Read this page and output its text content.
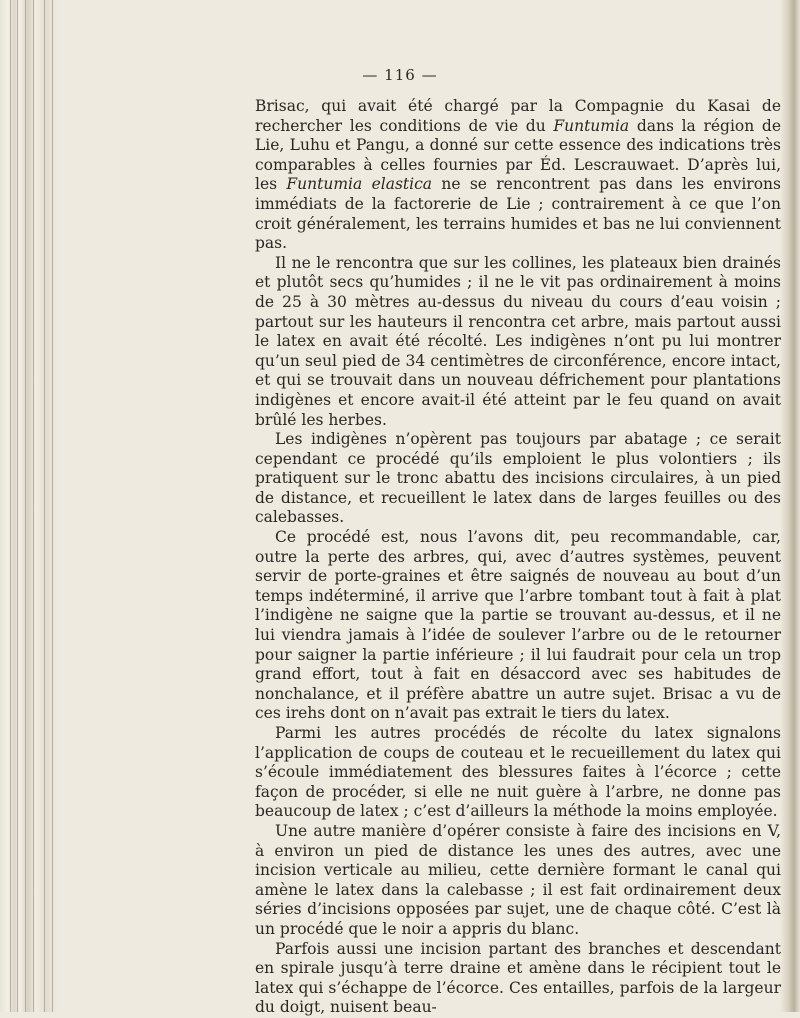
— 116 —

Brisac, qui avait été chargé par la Compagnie du Kasai de rechercher les conditions de vie du Funtumia dans la région de Lie, Luhu et Pangu, a donné sur cette essence des indications très comparables à celles fournies par Éd. Lescrauwaet. D’après lui, les Funtumia elastica ne se rencontrent pas dans les environs immédiats de la factorerie de Lie ; contrairement à ce que l’on croit généralement, les terrains humides et bas ne lui conviennent pas.

Il ne le rencontra que sur les collines, les plateaux bien drainés et plutôt secs qu’humides ; il ne le vit pas ordinairement à moins de 25 à 30 mètres au-dessus du niveau du cours d’eau voisin ; partout sur les hauteurs il rencontra cet arbre, mais partout aussi le latex en avait été récolté. Les indigènes n’ont pu lui montrer qu’un seul pied de 34 centimètres de circonférence, encore intact, et qui se trouvait dans un nouveau défrichement pour plantations indigènes et encore avait-il été atteint par le feu quand on avait brûlé les herbes.

Les indigènes n’opèrent pas toujours par abatage ; ce serait cependant ce procédé qu’ils emploient le plus volontiers ; ils pratiquent sur le tronc abattu des incisions circulaires, à un pied de distance, et recueillent le latex dans de larges feuilles ou des calebasses.

Ce procédé est, nous l’avons dit, peu recommandable, car, outre la perte des arbres, qui, avec d’autres systèmes, peuvent servir de porte-graines et être saignés de nouveau au bout d’un temps indéterminé, il arrive que l’arbre tombant tout à fait à plat l’indigène ne saigne que la partie se trouvant au-dessus, et il ne lui viendra jamais à l’idée de soulever l’arbre ou de le retourner pour saigner la partie inférieure ; il lui faudrait pour cela un trop grand effort, tout à fait en désaccord avec ses habitudes de nonchalance, et il préfère abattre un autre sujet. Brisac a vu de ces irehs dont on n’avait pas extrait le tiers du latex.

Parmi les autres procédés de récolte du latex signalons l’application de coups de couteau et le recueillement du latex qui s’écoule immédiatement des blessures faites à l’écorce ; cette façon de procéder, si elle ne nuit guère à l’arbre, ne donne pas beaucoup de latex ; c’est d’ailleurs la méthode la moins employée.

Une autre manière d’opérer consiste à faire des incisions en V, à environ un pied de distance les unes des autres, avec une incision verticale au milieu, cette dernière formant le canal qui amène le latex dans la calebasse ; il est fait ordinairement deux séries d’incisions opposées par sujet, une de chaque côté. C’est là un procédé que le noir a appris du blanc.

Parfois aussi une incision partant des branches et descendant en spirale jusqu’à terre draine et amène dans le récipient tout le latex qui s’échappe de l’écorce. Ces entailles, parfois de la largeur du doigt, nuisent beau-
